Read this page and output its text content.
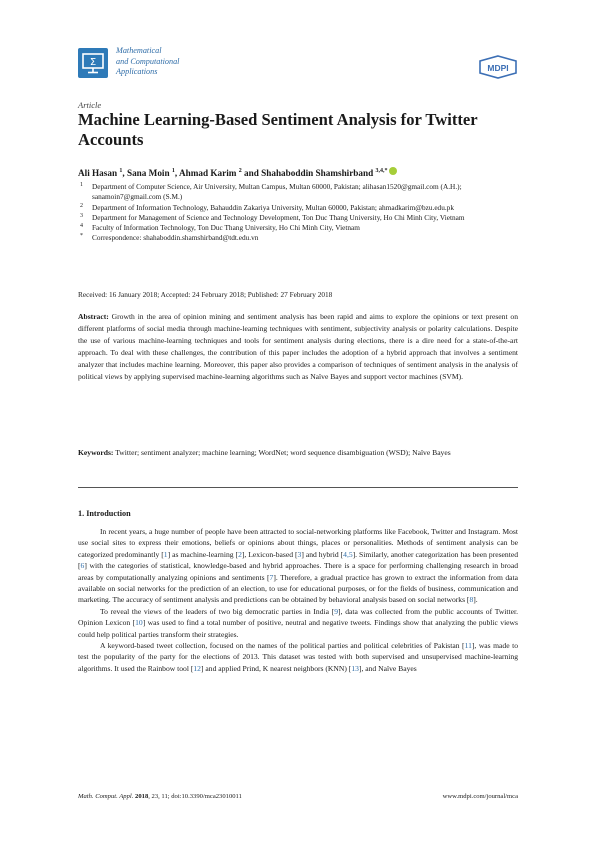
Σ
Mathematical
and Computational
Applications	MDPI
Article
Machine Learning-Based Sentiment Analysis for Twitter Accounts
Ali Hasan $^1$, Sana Moin $^1$, Ahmad Karim $^2$ and Shahaboddin Shamshirband $^{3,4,*}$
1 Department of Computer Science, Air University, Multan Campus, Multan 60000, Pakistan; alihasan1520@gmail.com (A.H.); sanamoin7@gmail.com (S.M.)
2 Department of Information Technology, Bahauddin Zakariya University, Multan 60000, Pakistan; ahmadkarim@bzu.edu.pk
3 Department for Management of Science and Technology Development, Ton Duc Thang University, Ho Chi Minh City, Vietnam
4 Faculty of Information Technology, Ton Duc Thang University, Ho Chi Minh City, Vietnam
* Correspondence: shahaboddin.shamshirband@tdt.edu.vn
Received: 16 January 2018; Accepted: 24 February 2018; Published: 27 February 2018
Abstract: Growth in the area of opinion mining and sentiment analysis has been rapid and aims to explore the opinions or text present on different platforms of social media through machine-learning techniques with sentiment, subjectivity analysis or polarity calculations. Despite the use of various machine-learning techniques and tools for sentiment analysis during elections, there is a dire need for a state-of-the-art approach. To deal with these challenges, the contribution of this paper includes the adoption of a hybrid approach that involves a sentiment analyzer that includes machine learning. Moreover, this paper also provides a comparison of techniques of sentiment analysis in the analysis of political views by applying supervised machine-learning algorithms such as Naïve Bayes and support vector machines (SVM).
Keywords: Twitter; sentiment analyzer; machine learning; WordNet; word sequence disambiguation (WSD); Naïve Bayes
1. Introduction

In recent years, a huge number of people have been attracted to social-networking platforms like Facebook, Twitter and Instagram. Most use social sites to express their emotions, beliefs or opinions about things, places or personalities. Methods of sentiment analysis can be categorized predominantly [1] as machine-learning [2], Lexicon-based [3] and hybrid [4,5]. Similarly, another categorization has been presented [6] with the categories of statistical, knowledge-based and hybrid approaches. There is a space for performing challenging research in broad areas by computationally analyzing opinions and sentiments [7]. Therefore, a gradual practice has grown to extract the information from data available on social networks for the prediction of an election, to use for educational purposes, or for the fields of business, communication and marketing. The accuracy of sentiment analysis and predictions can be obtained by behavioral analysis based on social networks [8].

To reveal the views of the leaders of two big democratic parties in India [9], data was collected from the public accounts of Twitter. Opinion Lexicon [10] was used to find a total number of positive, neutral and negative tweets. Findings show that analyzing the public views could help political parties transform their strategies.

A keyword-based tweet collection, focused on the names of the political parties and political celebrities of Pakistan [11], was made to test the popularity of the party for the elections of 2013. This dataset was tested with both supervised and unsupervised machine-learning algorithms. It used the Rainbow tool [12] and applied Prind, K nearest neighbors (KNN) [13], and Naïve Bayes

Math. Comput. Appl. 2018, 23, 11; doi:10.3390/mca23010011	www.mdpi.com/journal/mca
